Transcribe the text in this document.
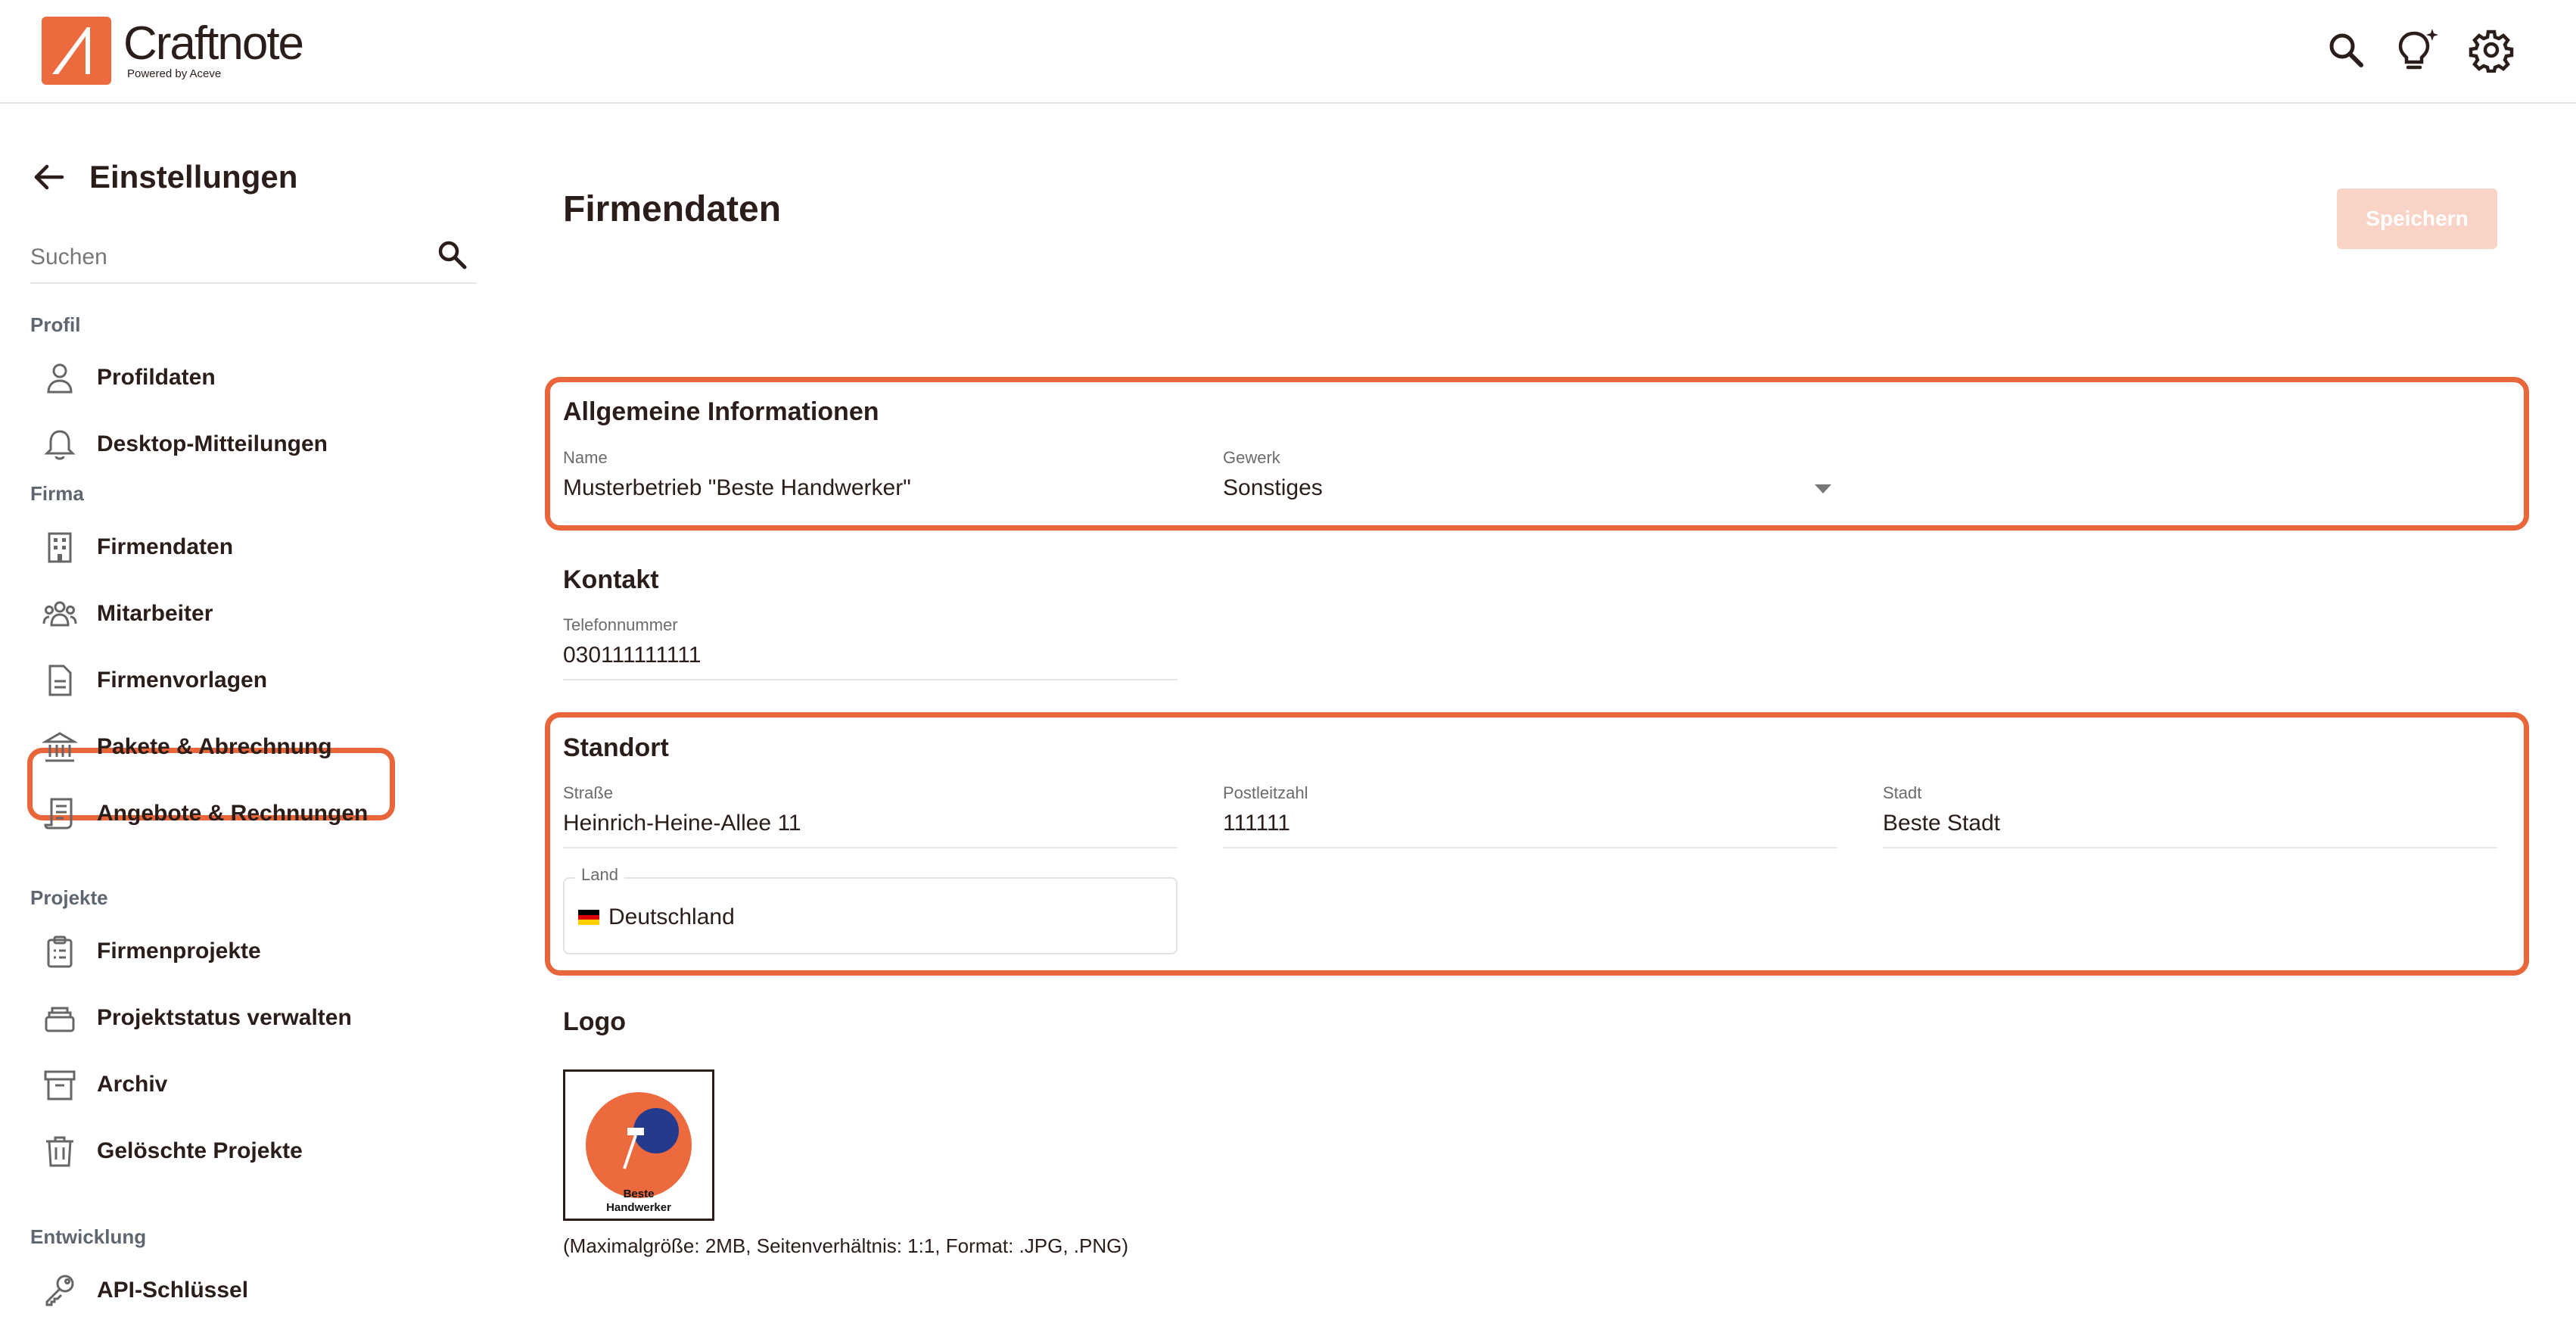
Craftnote
Powered by Aceve
Einstellungen
Suchen
Profil
Profildaten
Desktop-Mitteilungen
Firma
Firmendaten
Mitarbeiter
Firmenvorlagen
Pakete & Abrechnung
Angebote & Rechnungen
Projekte
Firmenprojekte
Projektstatus verwalten
Archiv
Gelöschte Projekte
Entwicklung
API-Schlüssel
Firmendaten	Speichern
Allgemeine Informationen
Name
Musterbetrieb "Beste Handwerker"
Gewerk
Sonstiges
Kontakt
Telefonnummer
030111111111
Standort
Straße
Heinrich-Heine-Allee 11
Postleitzahl
111111
Stadt
Beste Stadt
Land
Deutschland
Logo
Beste
Handwerker
(Maximalgröße: 2MB, Seitenverhältnis: 1:1, Format: .JPG, .PNG)
